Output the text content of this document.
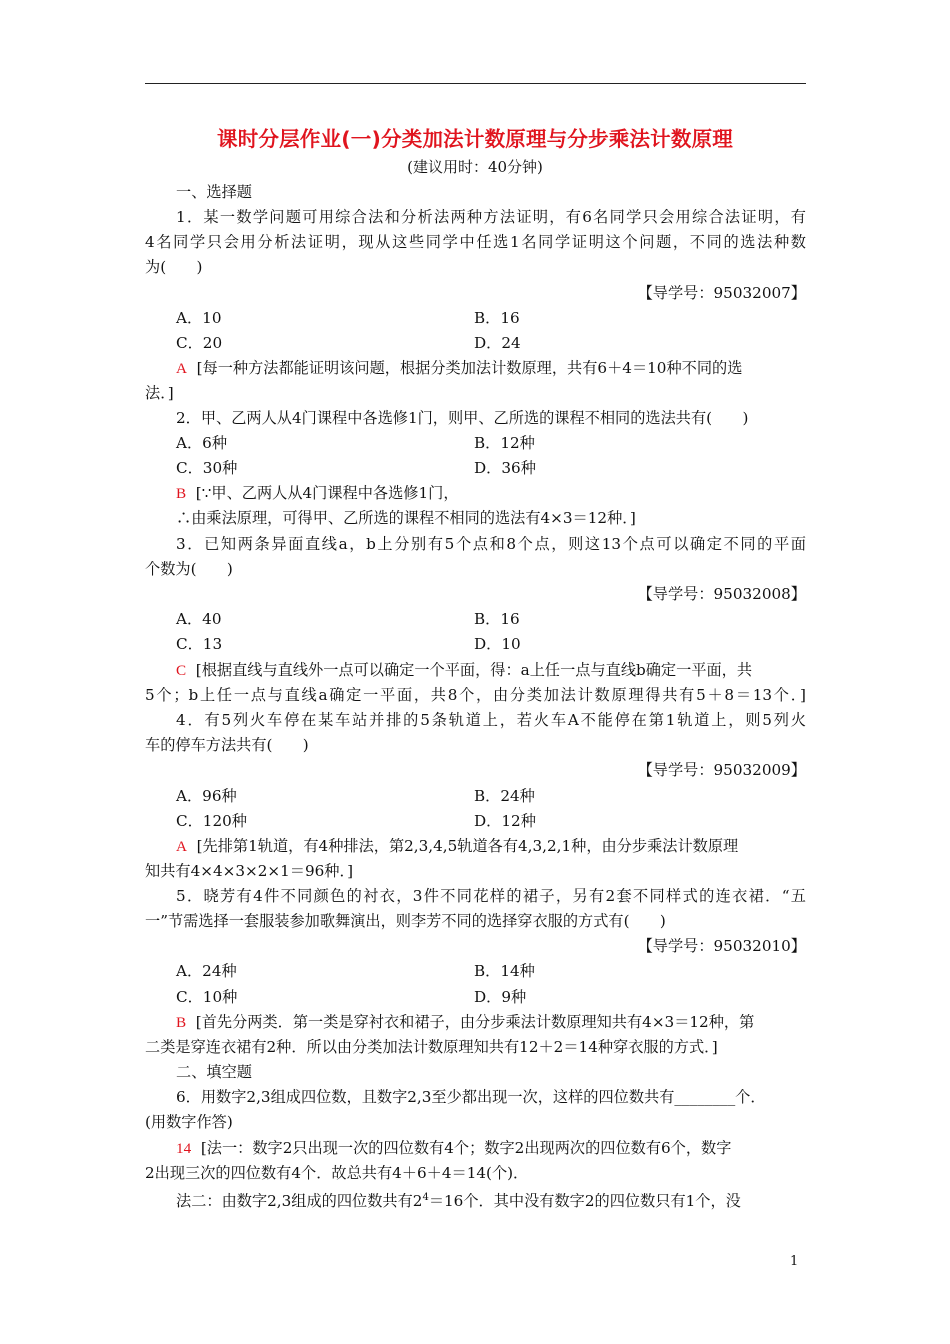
课时分层作业(一)分类加法计数原理与分步乘法计数原理
(建议用时：40分钟)
一、选择题
1．某一数学问题可用综合法和分析法两种方法证明，有6名同学只会用综合法证明，有
4名同学只会用分析法证明，现从这些同学中任选1名同学证明这个问题，不同的选法种数
为(　　)
【导学号：95032007】
A．10	B．16
C．20	D．24
A [每一种方法都能证明该问题，根据分类加法计数原理，共有6＋4＝10种不同的选
法．]
2．甲、乙两人从4门课程中各选修1门，则甲、乙所选的课程不相同的选法共有(　　)
A．6种	B．12种
C．30种	D．36种
B [∵甲、乙两人从4门课程中各选修1门，
∴由乘法原理，可得甲、乙所选的课程不相同的选法有4×3＝12种．]
3．已知两条异面直线a，b上分别有5个点和8个点，则这13个点可以确定不同的平面
个数为(　　)
【导学号：95032008】
A．40	B．16
C．13	D．10
C [根据直线与直线外一点可以确定一个平面，得：a上任一点与直线b确定一平面，共
5个；b上任一点与直线a确定一平面，共8个，由分类加法计数原理得共有5＋8＝13个．]
4．有5列火车停在某车站并排的5条轨道上，若火车A不能停在第1轨道上，则5列火
车的停车方法共有(　　)
【导学号：95032009】
A．96种	B．24种
C．120种	D．12种
A [先排第1轨道，有4种排法，第2,3,4,5轨道各有4,3,2,1种，由分步乘法计数原理
知共有4×4×3×2×1＝96种．]
5．晓芳有4件不同颜色的衬衣，3件不同花样的裙子，另有2套不同样式的连衣裙．“五
一”节需选择一套服装参加歌舞演出，则李芳不同的选择穿衣服的方式有(　　)
【导学号：95032010】
A．24种	B．14种
C．10种	D．9种
B [首先分两类．第一类是穿衬衣和裙子，由分步乘法计数原理知共有4×3＝12种，第
二类是穿连衣裙有2种．所以由分类加法计数原理知共有12＋2＝14种穿衣服的方式．]
二、填空题
6．用数字2,3组成四位数，且数字2,3至少都出现一次，这样的四位数共有________个．
(用数字作答)
14 [法一：数字2只出现一次的四位数有4个；数字2出现两次的四位数有6个，数字
2出现三次的四位数有4个．故总共有4＋6＋4＝14(个)．
法二：由数字2,3组成的四位数共有$2^4=16$个．其中没有数字2的四位数只有1个，没
1
